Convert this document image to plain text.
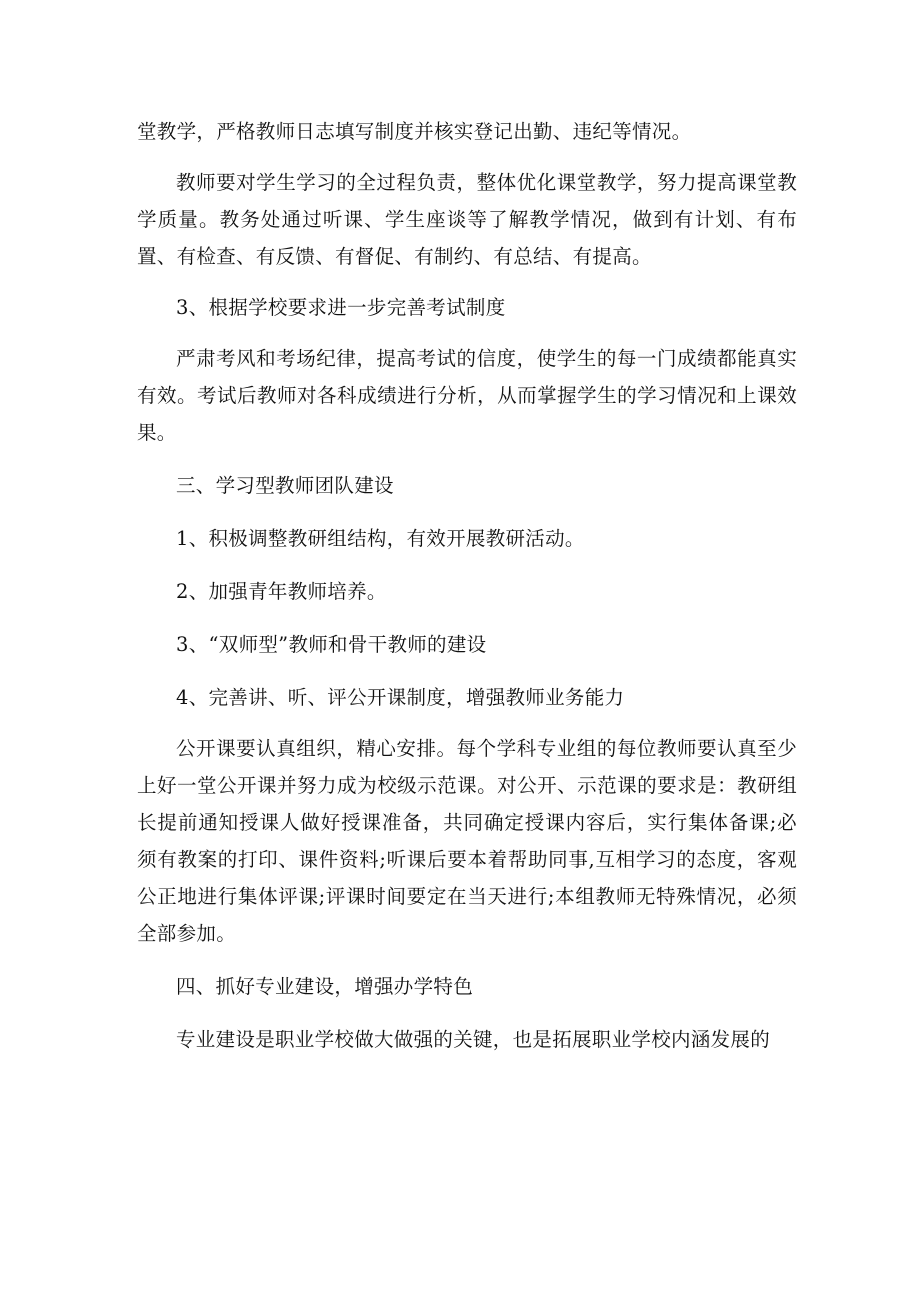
堂教学，严格教师日志填写制度并核实登记出勤、违纪等情况。

教师要对学生学习的全过程负责，整体优化课堂教学，努力提高课堂教学质量。教务处通过听课、学生座谈等了解教学情况，做到有计划、有布置、有检查、有反馈、有督促、有制约、有总结、有提高。

3、根据学校要求进一步完善考试制度

严肃考风和考场纪律，提高考试的信度，使学生的每一门成绩都能真实有效。考试后教师对各科成绩进行分析，从而掌握学生的学习情况和上课效果。

三、学习型教师团队建设

1、积极调整教研组结构，有效开展教研活动。

2、加强青年教师培养。

3、“双师型”教师和骨干教师的建设

4、完善讲、听、评公开课制度，增强教师业务能力

公开课要认真组织，精心安排。每个学科专业组的每位教师要认真至少上好一堂公开课并努力成为校级示范课。对公开、示范课的要求是：教研组长提前通知授课人做好授课准备，共同确定授课内容后，实行集体备课;必须有教案的打印、课件资料;听课后要本着帮助同事,互相学习的态度，客观公正地进行集体评课;评课时间要定在当天进行;本组教师无特殊情况，必须全部参加。

四、抓好专业建设，增强办学特色

专业建设是职业学校做大做强的关键，也是拓展职业学校内涵发展的
